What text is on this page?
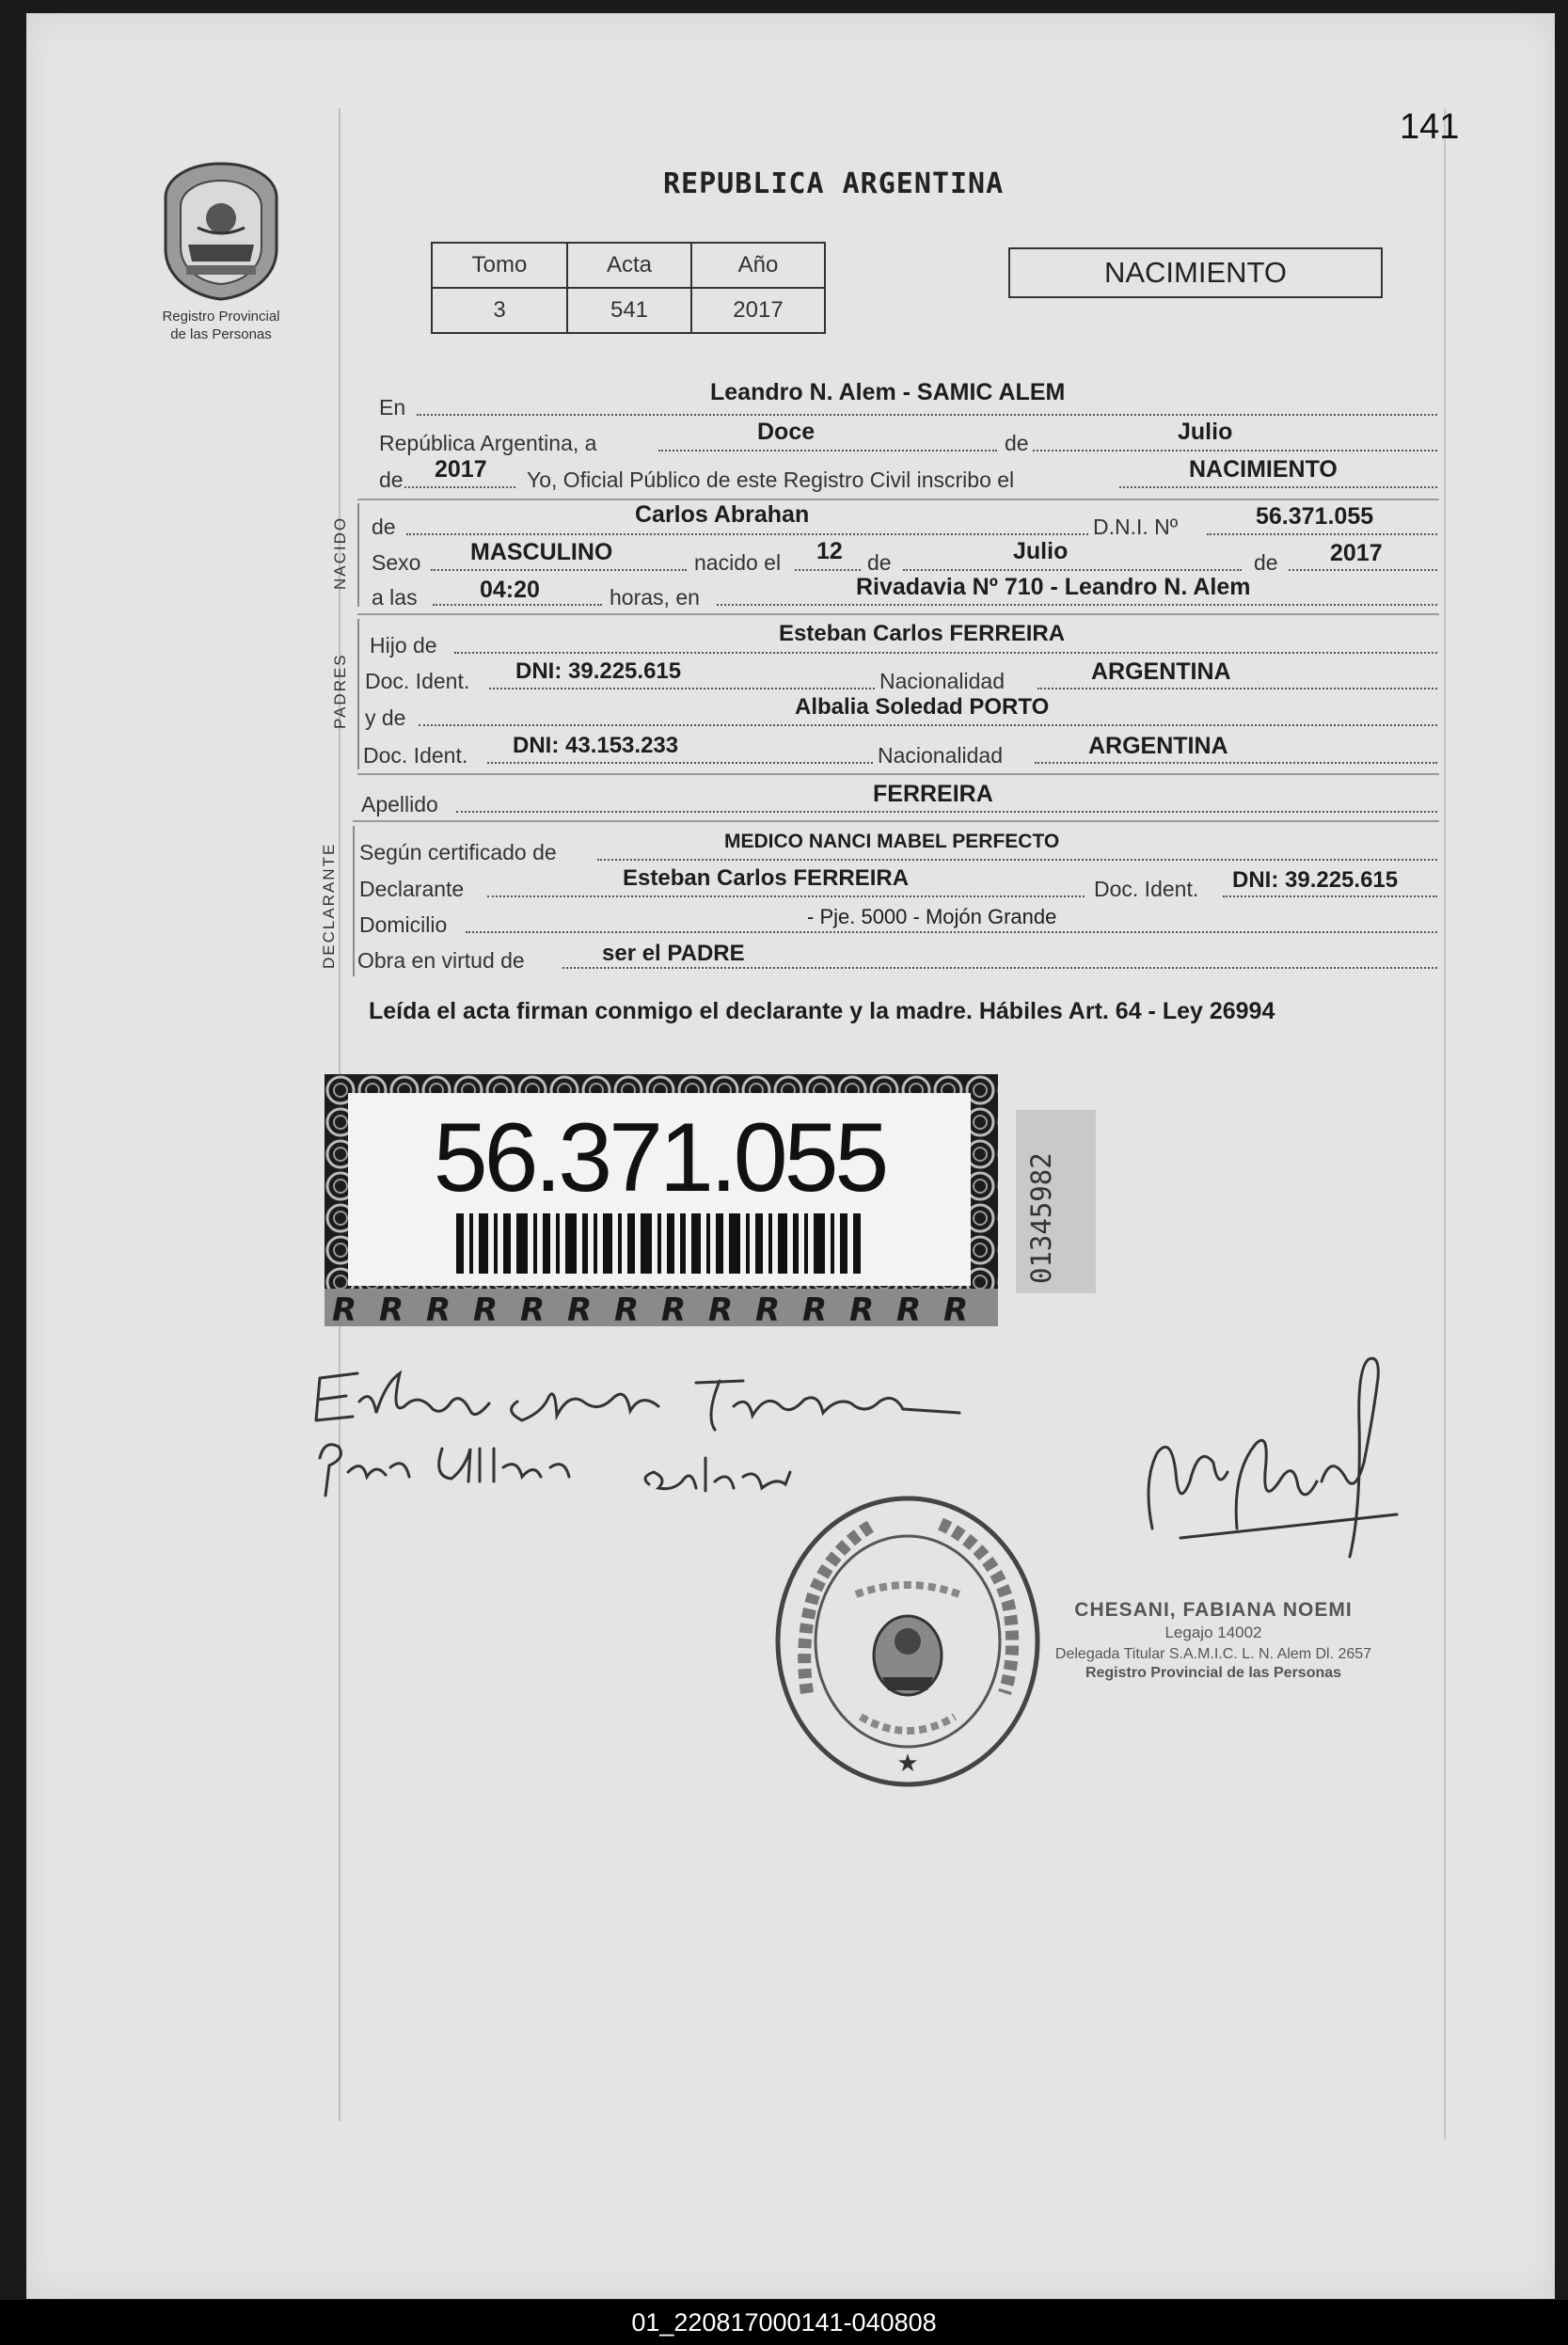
141
REPUBLICA ARGENTINA
Registro Provincial
de las Personas
Tomo	Acta	Año
3	541	2017
NACIMIENTO
En
Leandro N. Alem - SAMIC ALEM
República Argentina, a	Doce	de	Julio
de 2017 Yo, Oficial Público de este Registro Civil inscribo el	NACIMIENTO
NACIDO de	Carlos Abrahan	D.N.I. Nº	56.371.055
Sexo MASCULINO	nacido el 12 de	Julio	de 2017
a las	04:20	horas, en	Rivadavia Nº 710 - Leandro N. Alem
PADRES
Hijo de	Esteban Carlos FERREIRA
Doc. Ident. DNI: 39.225.615	Nacionalidad	ARGENTINA
y de	Albalia Soledad PORTO
Doc. Ident. DNI: 43.153.233	Nacionalidad	ARGENTINA
Apellido	FERREIRA
DECLARANTE Según certificado de	MEDICO NANCI MABEL PERFECTO
Declarante	Esteban Carlos FERREIRA	Doc. Ident. DNI: 39.225.615
Domicilio	- Pje. 5000 - Mojón Grande
Obra en virtud de	ser el PADRE
Leída el acta firman conmigo el declarante y la madre. Hábiles Art. 64 - Ley 26994
56.371.055
R R R R R R R R R R R R R R
01345982
★
CHESANI, FABIANA NOEMI
Legajo 14002
Delegada Titular S.A.M.I.C. L. N. Alem Dl. 2657
Registro Provincial de las Personas
01_220817000141-040808
